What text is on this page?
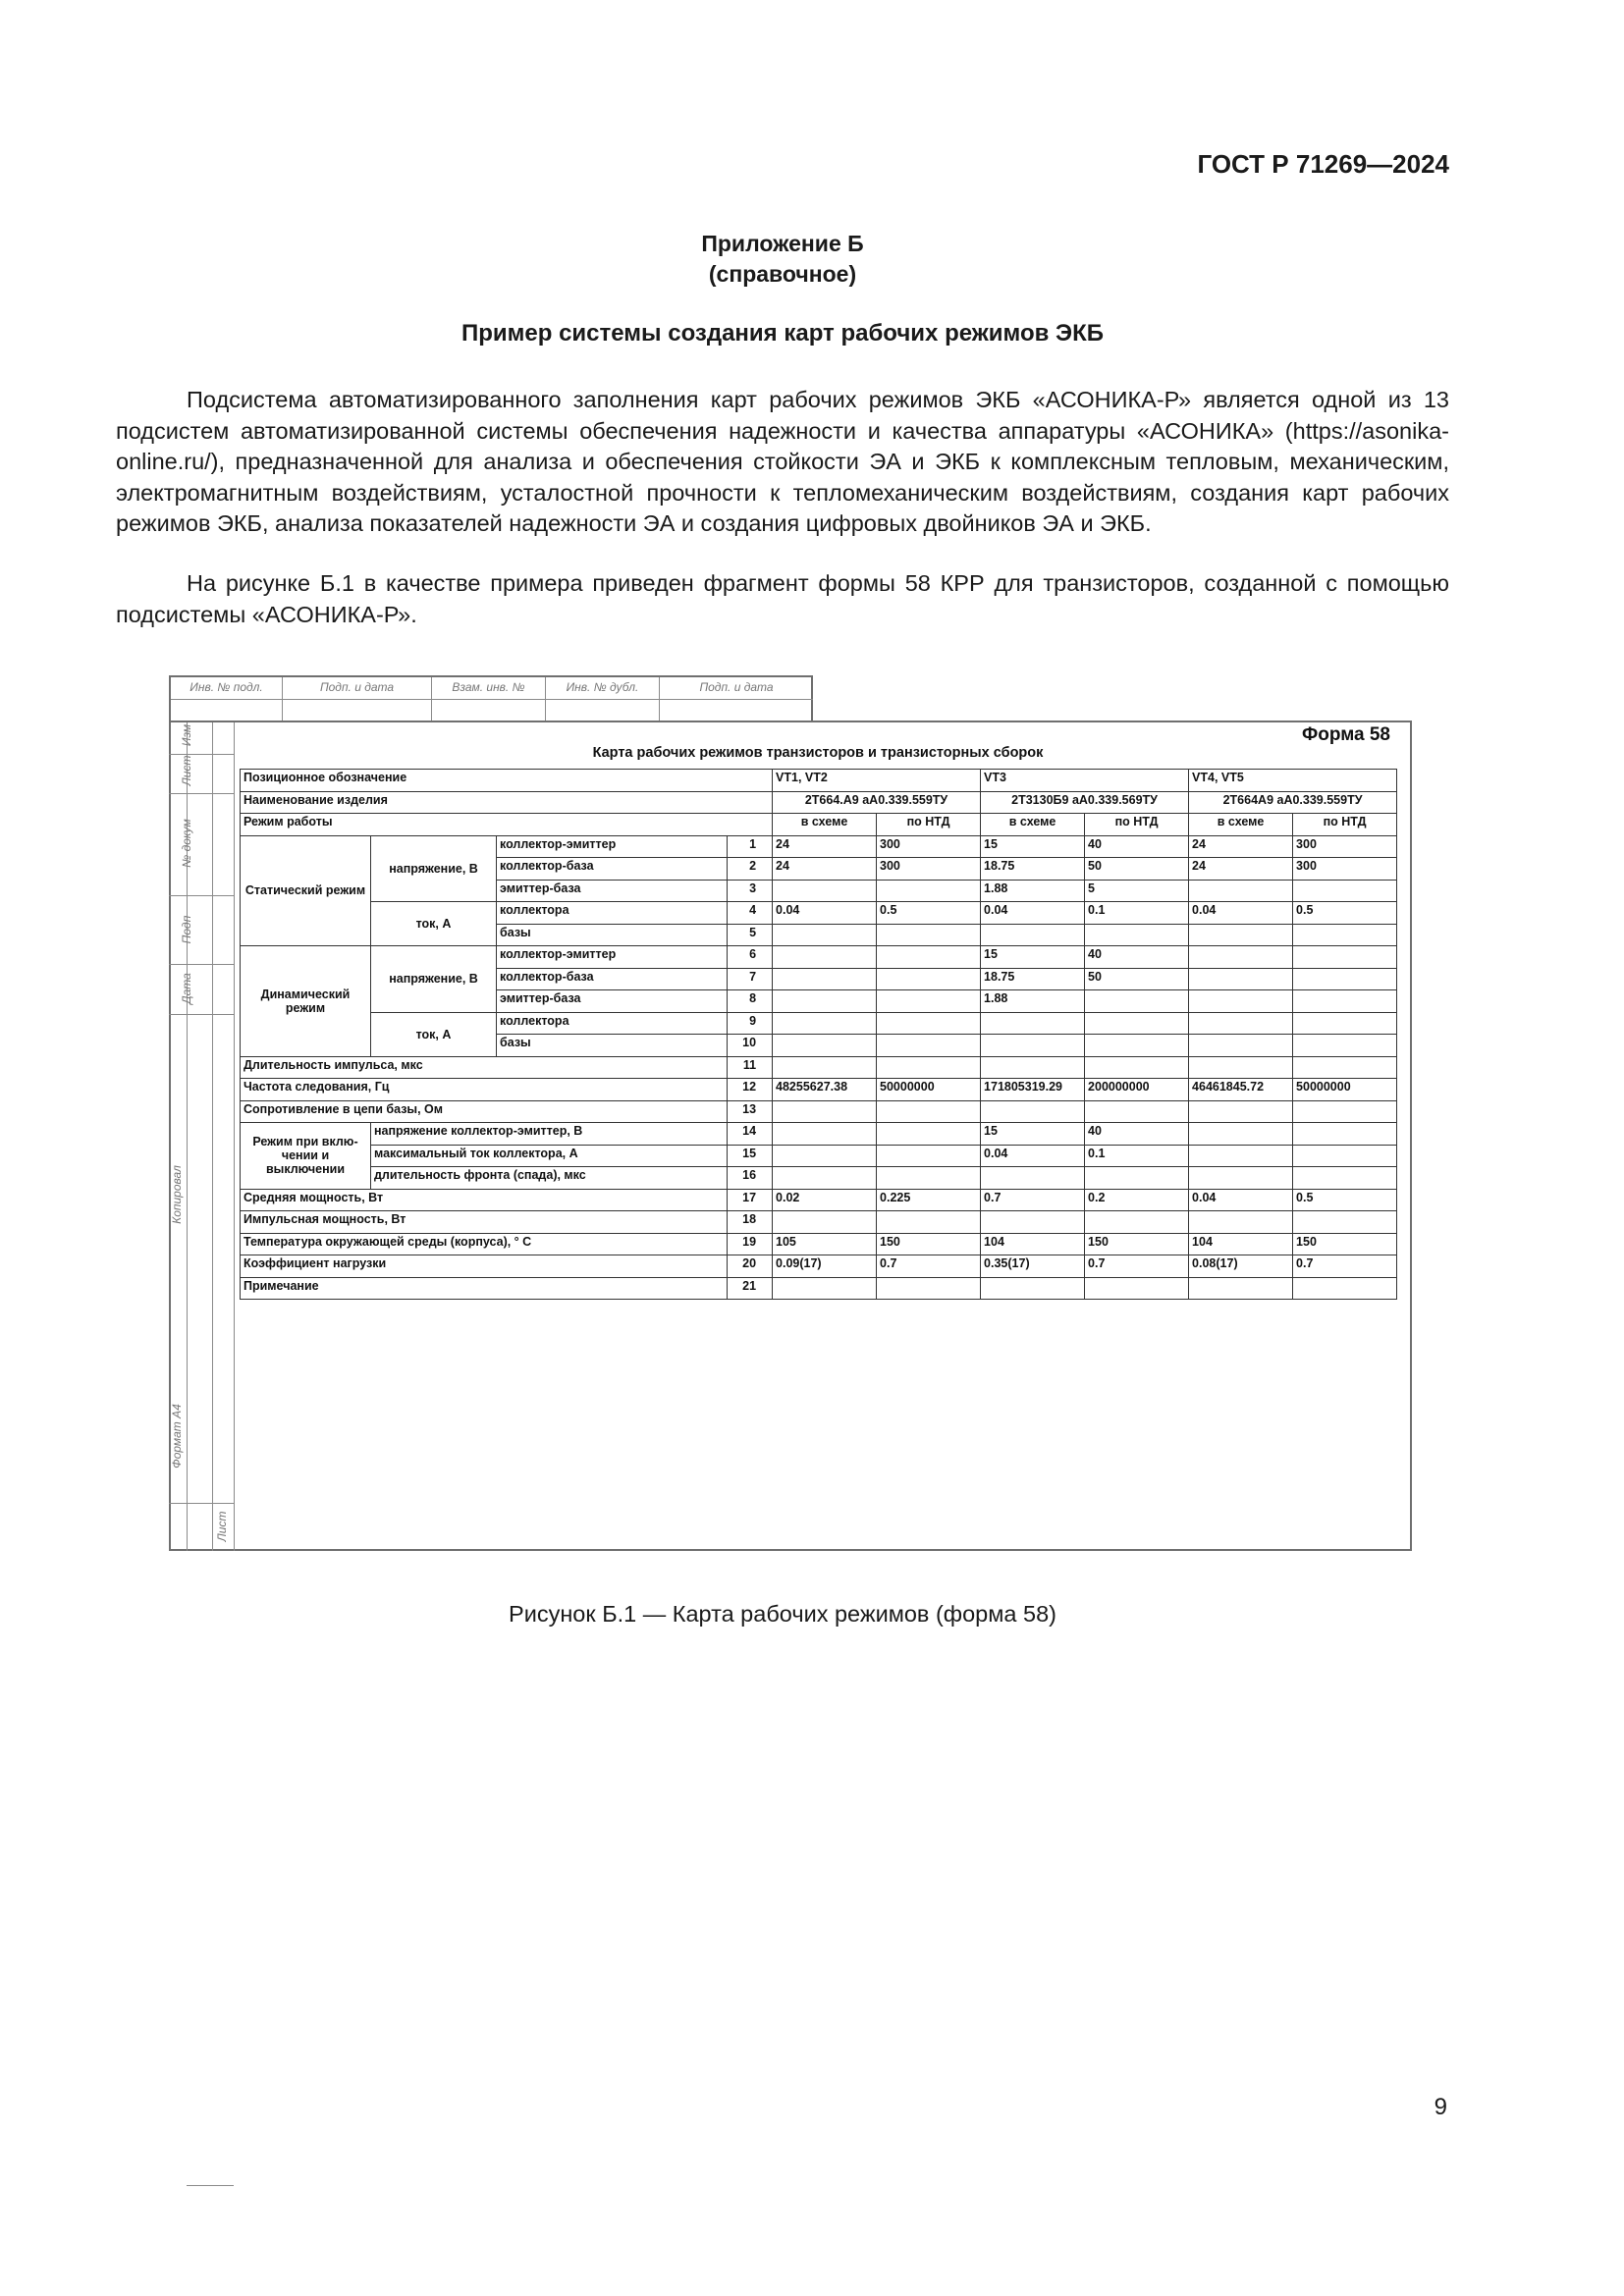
ГОСТ Р 71269—2024
Приложение Б
(справочное)
Пример системы создания карт рабочих режимов ЭКБ

Подсистема автоматизированного заполнения карт рабочих режимов ЭКБ «АСОНИКА-Р» является одной из 13 подсистем автоматизированной системы обеспечения надежности и качества аппаратуры «АСОНИКА» (https://asonika-online.ru/), предназначенной для анализа и обеспечения стойкости ЭА и ЭКБ к комплексным тепловым, механическим, электромагнитным воздействиям, усталостной прочности к тепломеханическим воздействиям, создания карт рабочих режимов ЭКБ, анализа показателей надежности ЭА и создания цифровых двойников ЭА и ЭКБ.

На рисунке Б.1 в качестве примера приведен фрагмент формы 58 КРР для транзисторов, созданной с помощью подсистемы «АСОНИКА-Р».

Инв. № подл.	Подп. и дата	Взам. инв. №	Инв. № дубл.	Подп. и дата
Изм
Лист
№ докум
Подп
Дата
Копировал
Формат А4
Лист
Форма 58
Карта рабочих режимов транзисторов и транзисторных сборок
Позиционное обозначение				VT1, VT2		VT3		VT4, VT5	
Наименование изделия				2Т664.А9 аА0.339.559ТУ		2Т3130Б9 аА0.339.569ТУ		2Т664А9 аА0.339.559ТУ	
Режим работы				в схеме	по НТД	в схеме	по НТД	в схеме	по НТД
Статический режим	напряжение, В	коллектор-эмиттер	1	24	300	15	40	24	300
		коллектор-база	2	24	300	18.75	50	24	300
		эмиттер-база	3			1.88	5		
	ток, А	коллектора	4	0.04	0.5	0.04	0.1	0.04	0.5
		базы	5						
Динамический режим	напряжение, В	коллектор-эмиттер	6			15	40		
		коллектор-база	7			18.75	50		
		эмиттер-база	8			1.88			
	ток, А	коллектора	9						
		базы	10						
Длительность импульса, мкс			11						
Частота следования, Гц			12	48255627.38	50000000	171805319.29	200000000	46461845.72	50000000
Сопротивление в цепи базы, Ом			13						
Режим при вклю-чении и выключении	напряжение коллектор-эмиттер, В		14			15	40		
	максимальный ток коллектора, А		15			0.04	0.1		
	длительность фронта (спада), мкс		16						
Средняя мощность, Вт			17	0.02	0.225	0.7	0.2	0.04	0.5
Импульсная мощность, Вт			18						
Температура окружающей среды (корпуса), ° С			19	105	150	104	150	104	150
Коэффициент нагрузки			20	0.09(17)	0.7	0.35(17)	0.7	0.08(17)	0.7
Примечание			21						
Рисунок Б.1 — Карта рабочих режимов (форма 58)
9
